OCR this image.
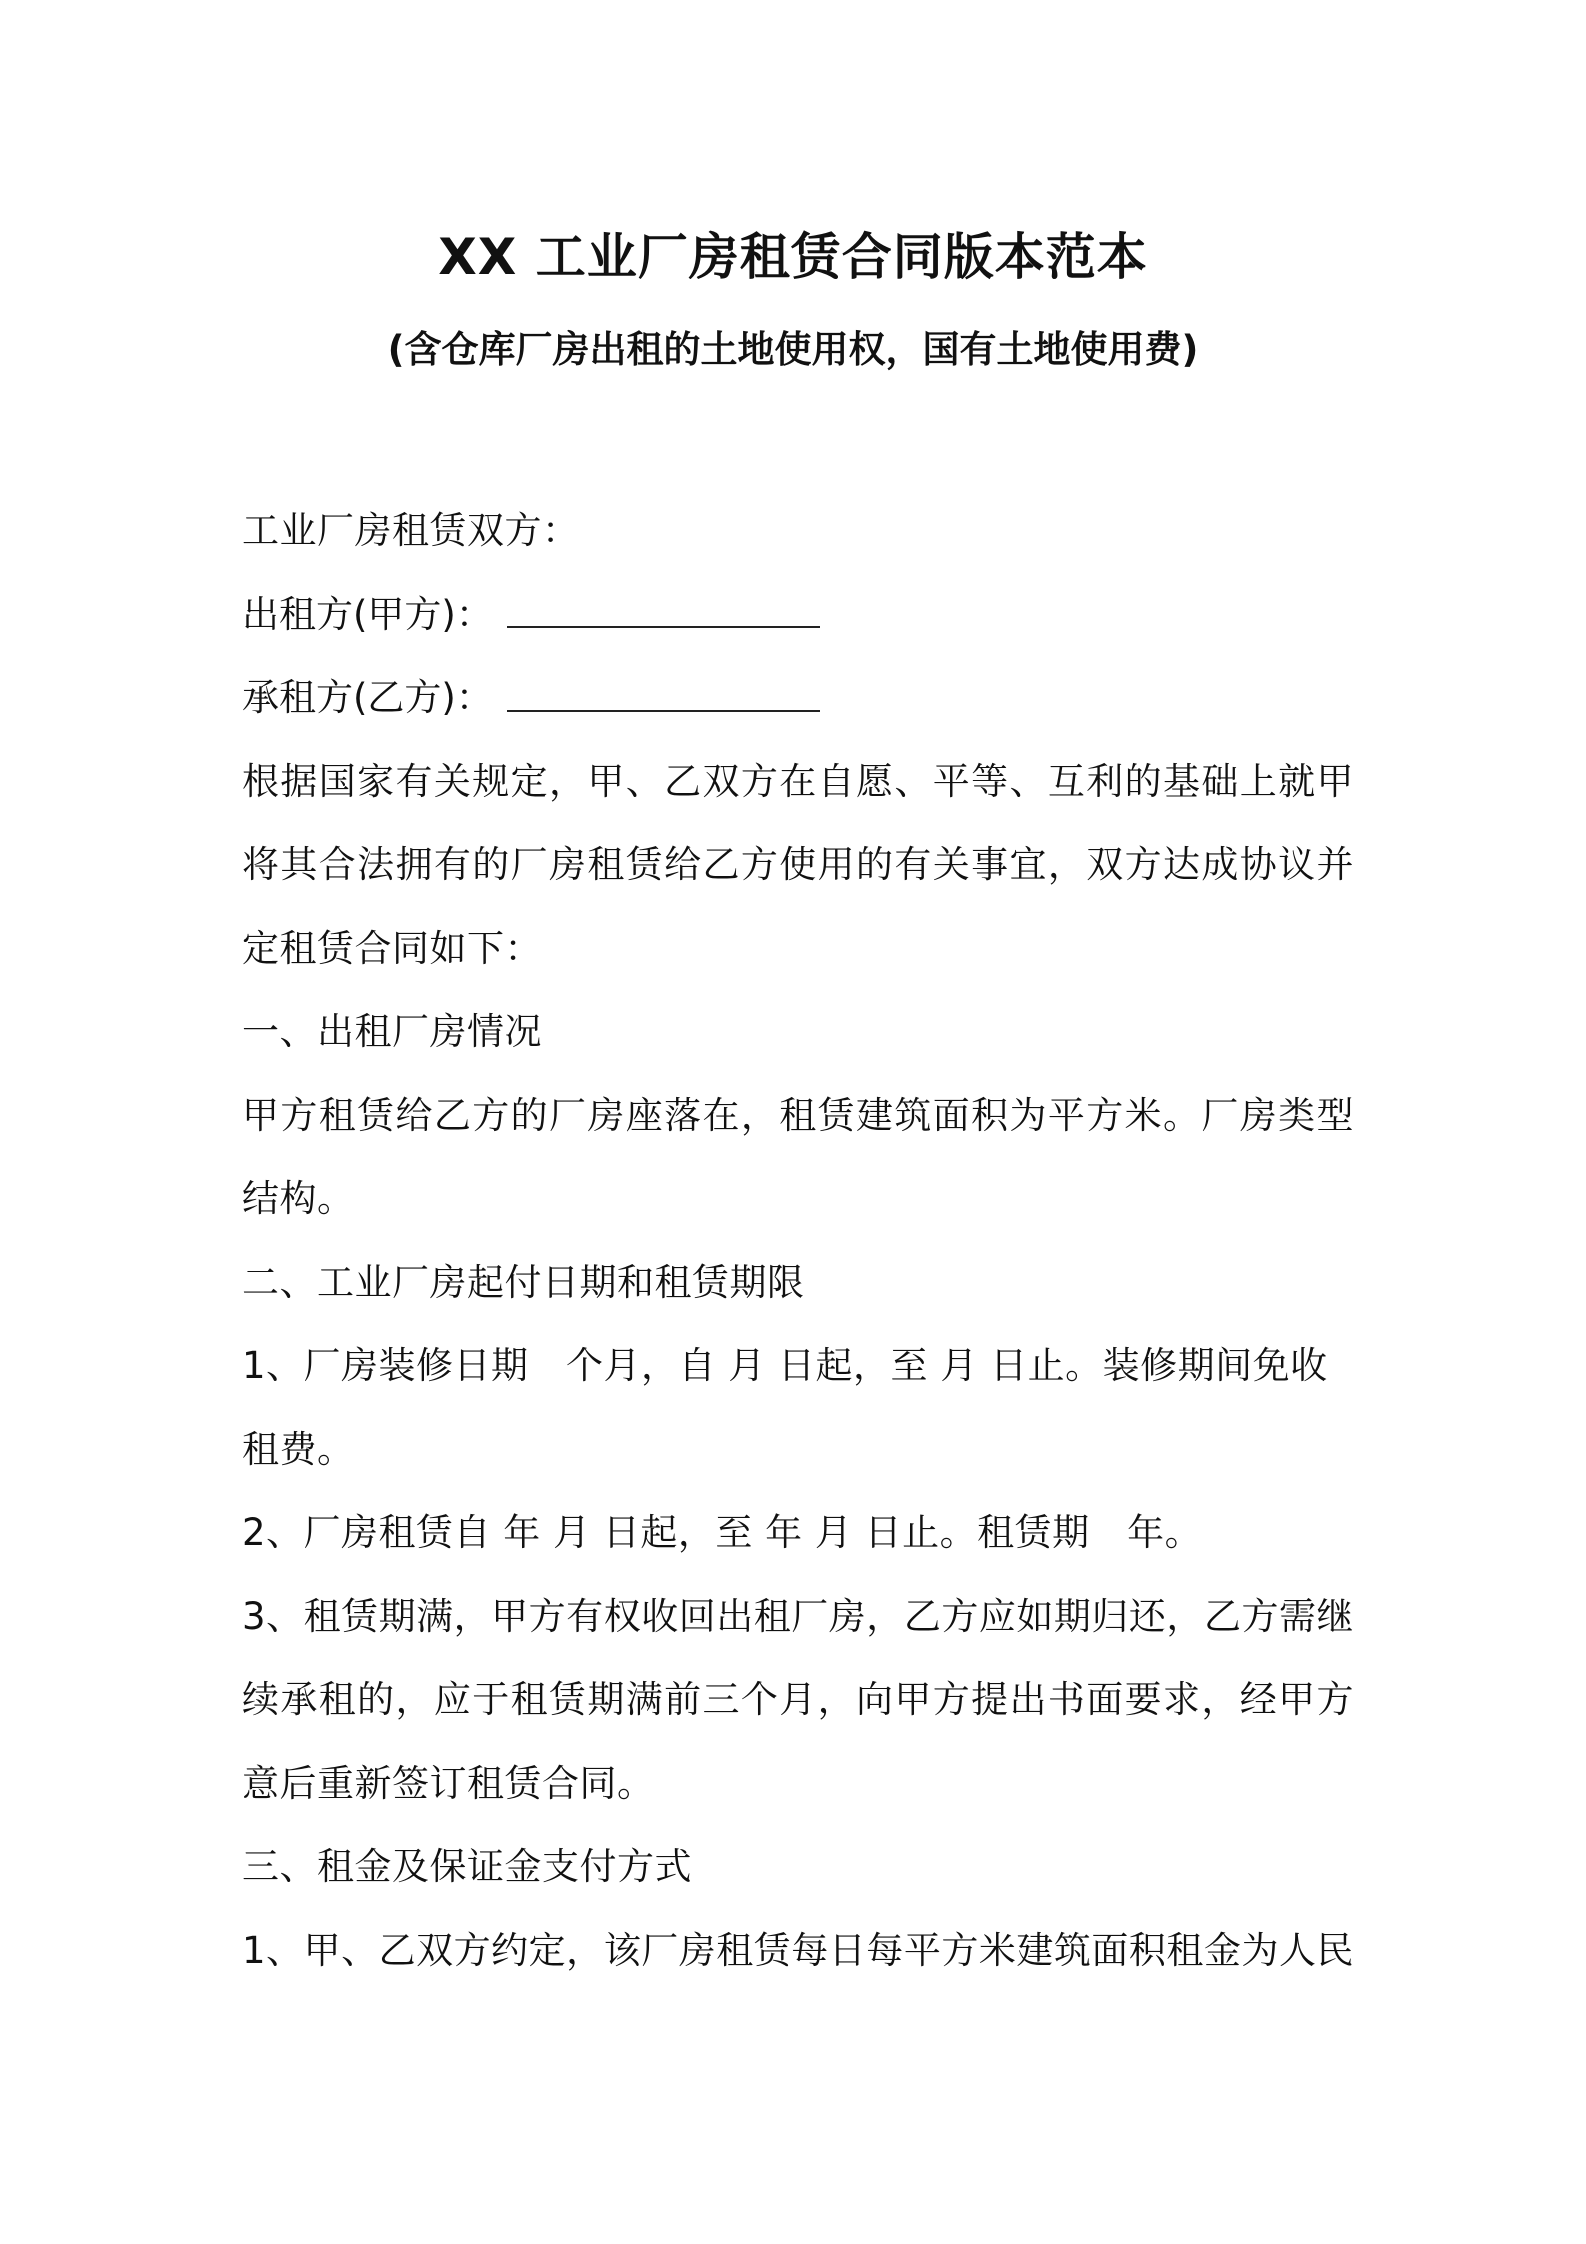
XX 工业厂房租赁合同版本范本
(含仓库厂房出租的土地使用权，国有土地使用费)
工业厂房租赁双方：
出租方(甲方)：
承租方(乙方)：
根据国家有关规定，甲、乙双方在自愿、平等、互利的基础上就甲
将其合法拥有的厂房租赁给乙方使用的有关事宜，双方达成协议并
定租赁合同如下：
一、出租厂房情况
甲方租赁给乙方的厂房座落在，租赁建筑面积为平方米。厂房类型
结构。
二、工业厂房起付日期和租赁期限
1、厂房装修日期　个月，自 月 日起，至 月 日止。装修期间免收
租费。
2、厂房租赁自 年 月 日起，至 年 月 日止。租赁期　年。
3、租赁期满，甲方有权收回出租厂房，乙方应如期归还，乙方需继
续承租的，应于租赁期满前三个月，向甲方提出书面要求，经甲方
意后重新签订租赁合同。
三、租金及保证金支付方式
1、甲、乙双方约定，该厂房租赁每日每平方米建筑面积租金为人民
